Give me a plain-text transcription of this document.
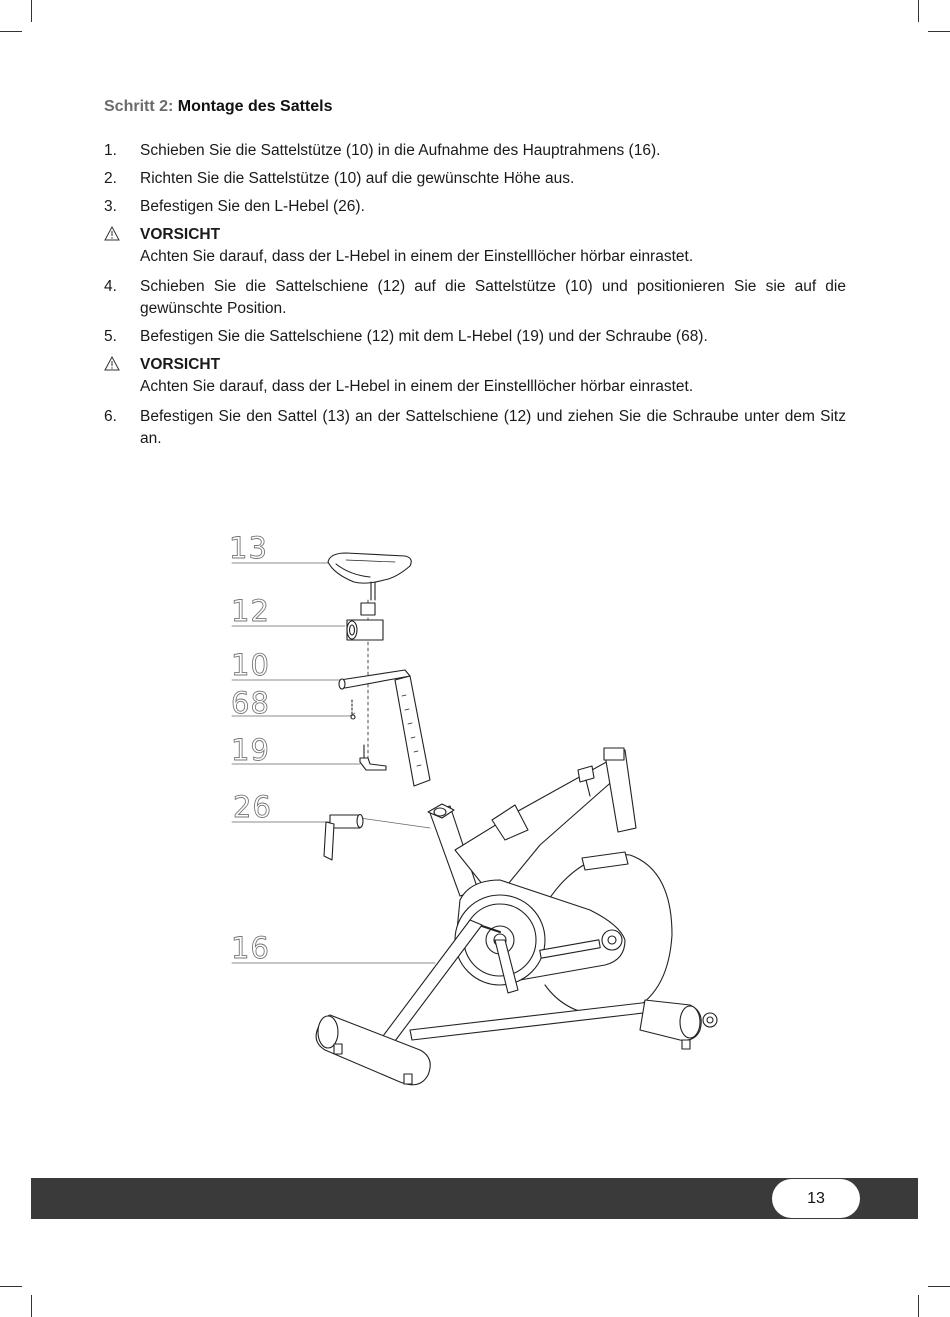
Schritt 2: Montage des Sattels
1.	Schieben Sie die Sattelstütze (10) in die Aufnahme des Hauptrahmens (16).
2.	Richten Sie die Sattelstütze (10) auf die gewünschte Höhe aus.
3.	Befestigen Sie den L-Hebel (26).
VORSICHT
Achten Sie darauf, dass der L-Hebel in einem der Einstelllöcher hörbar einrastet.
4.	Schieben Sie die Sattelschiene (12) auf die Sattelstütze (10) und positionieren Sie sie auf die gewünschte Position.
5.	Befestigen Sie die Sattelschiene (12) mit dem L-Hebel (19) und der Schraube (68).
VORSICHT
Achten Sie darauf, dass der L-Hebel in einem der Einstelllöcher hörbar einrastet.
6.	Befestigen Sie den Sattel (13) an der Sattelschiene (12) und ziehen Sie die Schraube unter dem Sitz an.
13
12
10
68
19
26
16
13
